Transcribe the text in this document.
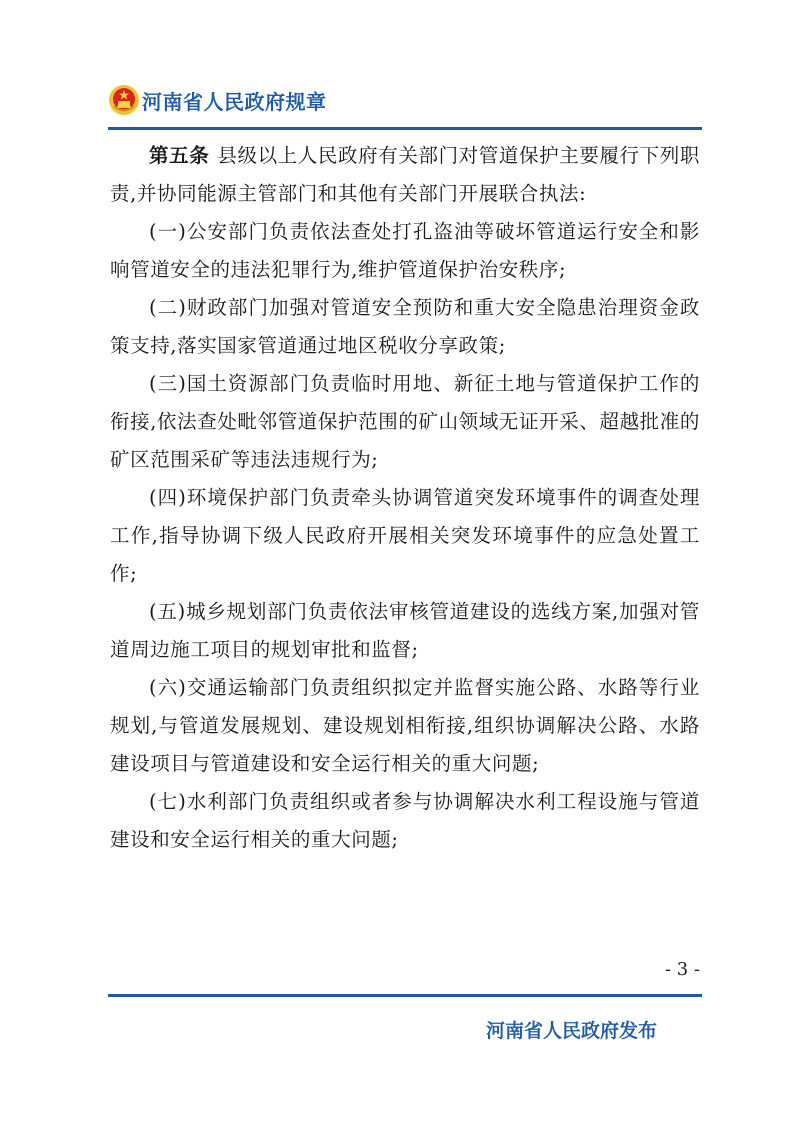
河南省人民政府规章

第五条 县级以上人民政府有关部门对管道保护主要履行下列职责,并协同能源主管部门和其他有关部门开展联合执法:

(一)公安部门负责依法查处打孔盗油等破坏管道运行安全和影响管道安全的违法犯罪行为,维护管道保护治安秩序;

(二)财政部门加强对管道安全预防和重大安全隐患治理资金政策支持,落实国家管道通过地区税收分享政策;

(三)国土资源部门负责临时用地、新征土地与管道保护工作的衔接,依法查处毗邻管道保护范围的矿山领域无证开采、超越批准的矿区范围采矿等违法违规行为;

(四)环境保护部门负责牵头协调管道突发环境事件的调查处理工作,指导协调下级人民政府开展相关突发环境事件的应急处置工作;

(五)城乡规划部门负责依法审核管道建设的选线方案,加强对管道周边施工项目的规划审批和监督;

(六)交通运输部门负责组织拟定并监督实施公路、水路等行业规划,与管道发展规划、建设规划相衔接,组织协调解决公路、水路建设项目与管道建设和安全运行相关的重大问题;

(七)水利部门负责组织或者参与协调解决水利工程设施与管道建设和安全运行相关的重大问题;

- 3 -
河南省人民政府发布
